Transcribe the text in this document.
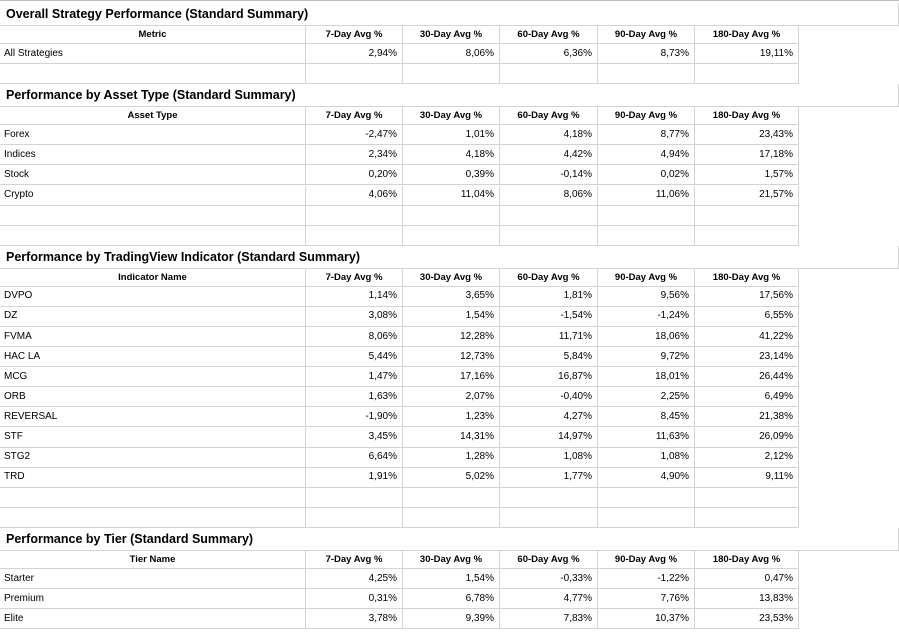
Overall Strategy Performance (Standard Summary)
Metric	7-Day Avg %	30-Day Avg %	60-Day Avg %	90-Day Avg %	180-Day Avg %
All Strategies	2,94%	8,06%	6,36%	8,73%	19,11%
Performance by Asset Type (Standard Summary)
Asset Type	7-Day Avg %	30-Day Avg %	60-Day Avg %	90-Day Avg %	180-Day Avg %
Forex	-2,47%	1,01%	4,18%	8,77%	23,43%
Indices	2,34%	4,18%	4,42%	4,94%	17,18%
Stock	0,20%	0,39%	-0,14%	0,02%	1,57%
Crypto	4,06%	11,04%	8,06%	11,06%	21,57%
Performance by TradingView Indicator (Standard Summary)
Indicator Name	7-Day Avg %	30-Day Avg %	60-Day Avg %	90-Day Avg %	180-Day Avg %
DVPO	1,14%	3,65%	1,81%	9,56%	17,56%
DZ	3,08%	1,54%	-1,54%	-1,24%	6,55%
FVMA	8,06%	12,28%	11,71%	18,06%	41,22%
HAC LA	5,44%	12,73%	5,84%	9,72%	23,14%
MCG	1,47%	17,16%	16,87%	18,01%	26,44%
ORB	1,63%	2,07%	-0,40%	2,25%	6,49%
REVERSAL	-1,90%	1,23%	4,27%	8,45%	21,38%
STF	3,45%	14,31%	14,97%	11,63%	26,09%
STG2	6,64%	1,28%	1,08%	1,08%	2,12%
TRD	1,91%	5,02%	1,77%	4,90%	9,11%
Performance by Tier (Standard Summary)
Tier Name	7-Day Avg %	30-Day Avg %	60-Day Avg %	90-Day Avg %	180-Day Avg %
Starter	4,25%	1,54%	-0,33%	-1,22%	0,47%
Premium	0,31%	6,78%	4,77%	7,76%	13,83%
Elite	3,78%	9,39%	7,83%	10,37%	23,53%
